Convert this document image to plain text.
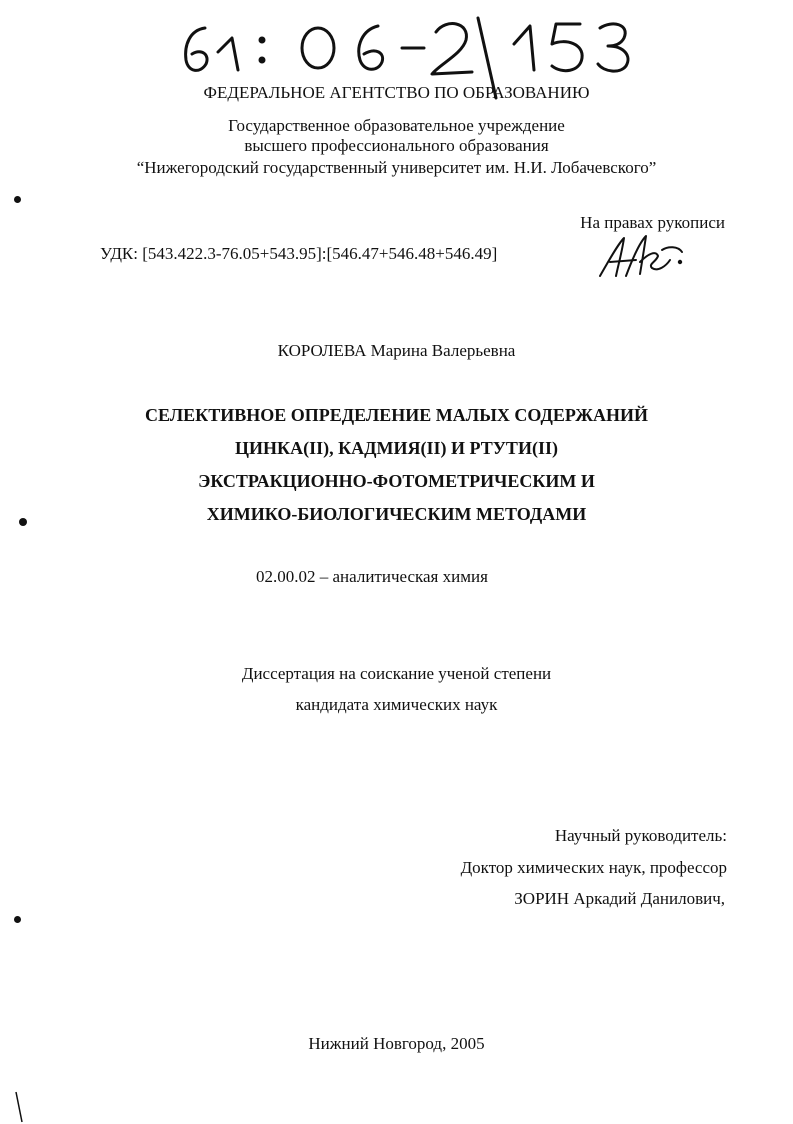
ФЕДЕРАЛЬНОЕ АГЕНТСТВО ПО ОБРАЗОВАНИЮ
Государственное образовательное учреждение
высшего профессионального образования
“Нижегородский государственный университет им. Н.И. Лобачевского”
На правах рукописи
УДК: [543.422.3-76.05+543.95]:[546.47+546.48+546.49]
КОРОЛЕВА Марина Валерьевна
СЕЛЕКТИВНОЕ ОПРЕДЕЛЕНИЕ МАЛЫХ СОДЕРЖАНИЙ
ЦИНКА(II), КАДМИЯ(II) И РТУТИ(II)
ЭКСТРАКЦИОННО-ФОТОМЕТРИЧЕСКИМ И
ХИМИКО-БИОЛОГИЧЕСКИМ МЕТОДАМИ
02.00.02 – аналитическая химия
Диссертация на соискание ученой степени
кандидата химических наук
Научный руководитель:
Доктор химических наук, профессор
ЗОРИН Аркадий Данилович,
Нижний Новгород, 2005
